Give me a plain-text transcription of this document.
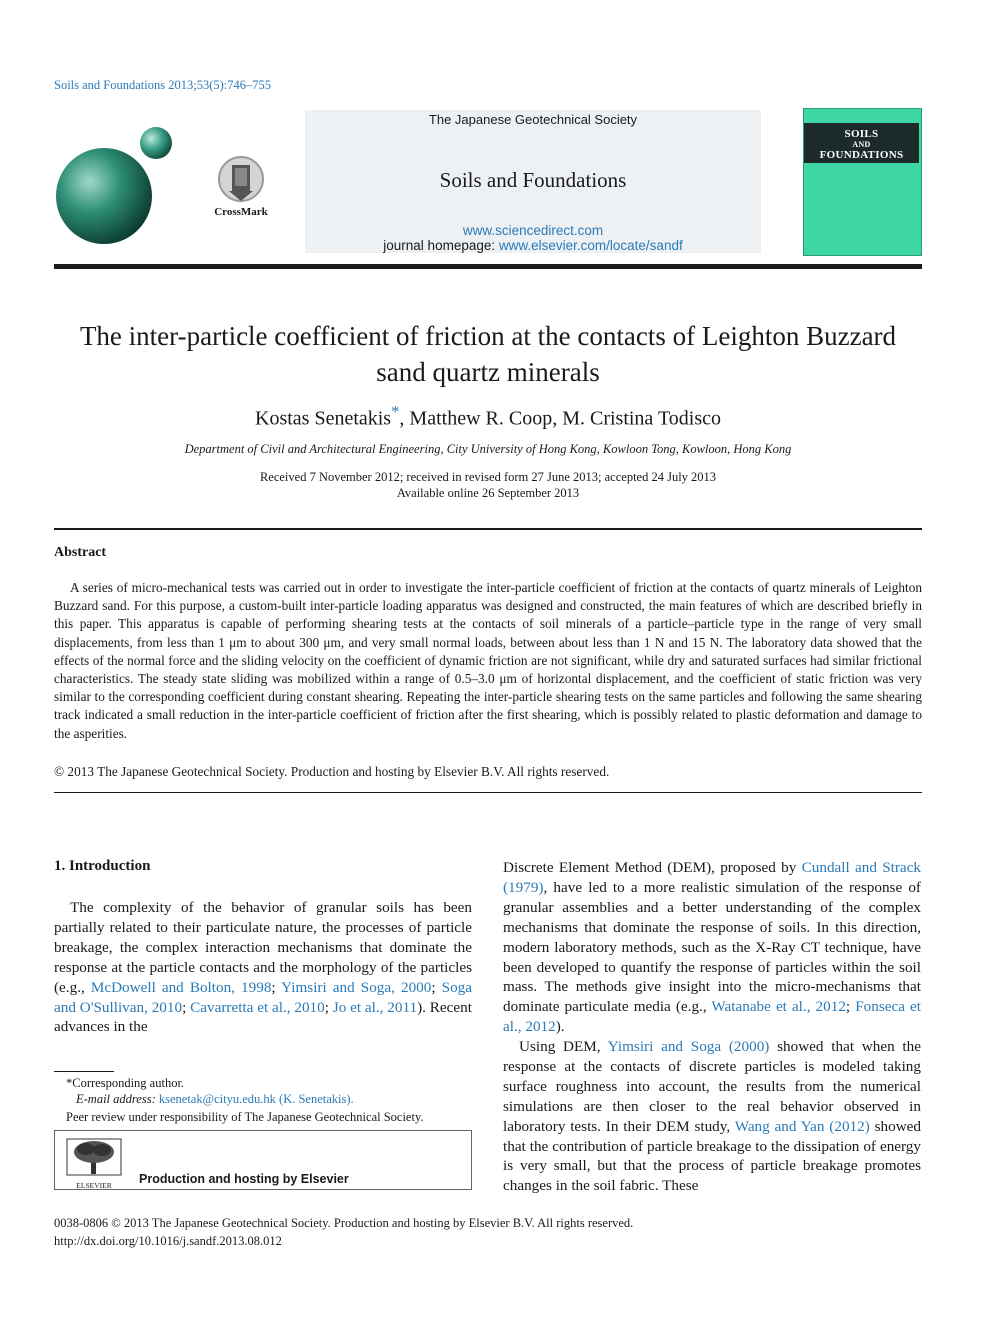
Soils and Foundations 2013;53(5):746–755
CrossMark
The Japanese Geotechnical Society
Soils and Foundations
www.sciencedirect.com
journal homepage: www.elsevier.com/locate/sandf
SOILS
AND
FOUNDATIONS
The inter-particle coefficient of friction at the contacts of Leighton Buzzard
sand quartz minerals
Kostas Senetakis*, Matthew R. Coop, M. Cristina Todisco
Department of Civil and Architectural Engineering, City University of Hong Kong, Kowloon Tong, Kowloon, Hong Kong
Received 7 November 2012; received in revised form 27 June 2013; accepted 24 July 2013
Available online 26 September 2013
Abstract
A series of micro-mechanical tests was carried out in order to investigate the inter-particle coefficient of friction at the contacts of quartz minerals of Leighton Buzzard sand. For this purpose, a custom-built inter-particle loading apparatus was designed and constructed, the main features of which are described briefly in this paper. This apparatus is capable of performing shearing tests at the contacts of soil minerals of a particle–particle type in the range of very small displacements, from less than 1 μm to about 300 μm, and very small normal loads, between about less than 1 N and 15 N. The laboratory data showed that the effects of the normal force and the sliding velocity on the coefficient of dynamic friction are not significant, while dry and saturated surfaces had similar frictional characteristics. The steady state sliding was mobilized within a range of 0.5–3.0 μm of horizontal displacement, and the coefficient of static friction was very similar to the corresponding coefficient during constant shearing. Repeating the inter-particle shearing tests on the same particles and following the same shearing track indicated a small reduction in the inter-particle coefficient of friction after the first shearing, which is possibly related to plastic deformation and damage to the asperities.
© 2013 The Japanese Geotechnical Society. Production and hosting by Elsevier B.V. All rights reserved.
1. Introduction
The complexity of the behavior of granular soils has been partially related to their particulate nature, the processes of particle breakage, the complex interaction mechanisms that dominate the response at the particle contacts and the morphology of the particles (e.g., McDowell and Bolton, 1998; Yimsiri and Soga, 2000; Soga and O'Sullivan, 2010; Cavarretta et al., 2010; Jo et al., 2011). Recent advances in the
Discrete Element Method (DEM), proposed by Cundall and Strack (1979), have led to a more realistic simulation of the response of granular assemblies and a better understanding of the complex mechanisms that dominate the response of soils. In this direction, modern laboratory methods, such as the X-Ray CT technique, have been developed to quantify the response of particles within the soil mass. The methods give insight into the micro-mechanisms that dominate particulate media (e.g., Watanabe et al., 2012; Fonseca et al., 2012).
Using DEM, Yimsiri and Soga (2000) showed that when the response at the contacts of discrete particles is modeled taking surface roughness into account, the results from the numerical simulations are then closer to the real behavior observed in laboratory tests. In their DEM study, Wang and Yan (2012) showed that the contribution of particle breakage to the dissipation of energy is very small, but that the process of particle breakage promotes changes in the soil fabric. These
*Corresponding author.
E-mail address: ksenetak@cityu.edu.hk (K. Senetakis).
Peer review under responsibility of The Japanese Geotechnical Society.
ELSEVIER	Production and hosting by Elsevier
0038-0806 © 2013 The Japanese Geotechnical Society. Production and hosting by Elsevier B.V. All rights reserved.
http://dx.doi.org/10.1016/j.sandf.2013.08.012
